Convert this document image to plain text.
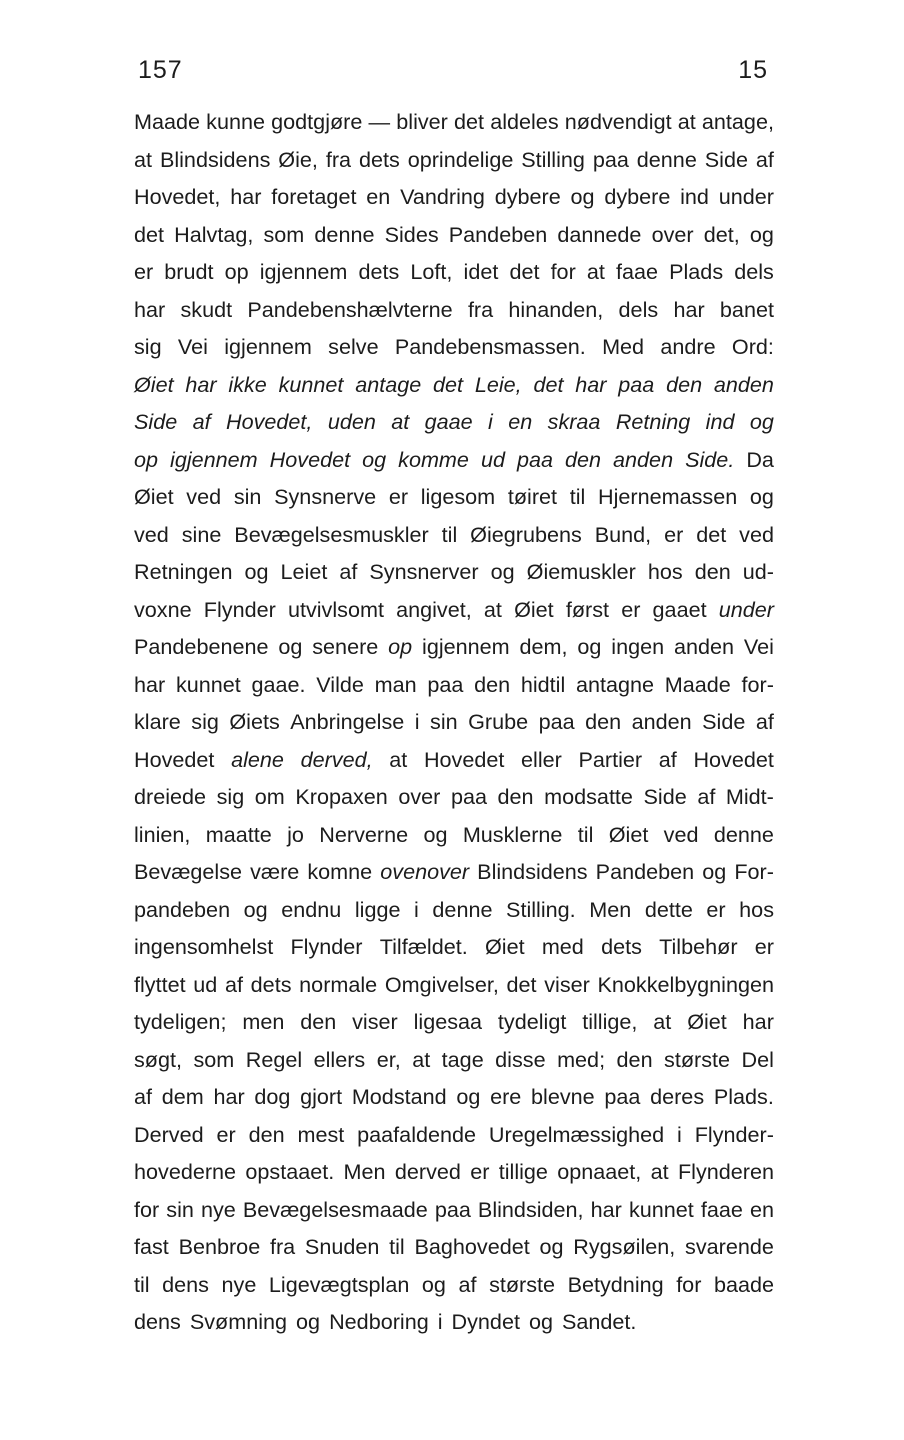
157	15
Maade kunne godtgjøre — bliver det aldeles nødvendigt at antage,
at Blindsidens Øie, fra dets oprindelige Stilling paa denne Side af
Hovedet, har foretaget en Vandring dybere og dybere ind under
det Halvtag, som denne Sides Pandeben dannede over det, og
er brudt op igjennem dets Loft, idet det for at faae Plads dels
har skudt Pandebenshælvterne fra hinanden, dels har banet
sig Vei igjennem selve Pandebensmassen. Med andre Ord:
Øiet har ikke kunnet antage det Leie, det har paa den anden
Side af Hovedet, uden at gaae i en skraa Retning ind og
op igjennem Hovedet og komme ud paa den anden Side. Da
Øiet ved sin Synsnerve er ligesom tøiret til Hjernemassen og
ved sine Bevægelsesmuskler til Øiegrubens Bund, er det ved
Retningen og Leiet af Synsnerver og Øiemuskler hos den ud-
voxne Flynder utvivlsomt angivet, at Øiet først er gaaet under
Pandebenene og senere op igjennem dem, og ingen anden Vei
har kunnet gaae. Vilde man paa den hidtil antagne Maade for-
klare sig Øiets Anbringelse i sin Grube paa den anden Side af
Hovedet alene derved, at Hovedet eller Partier af Hovedet
dreiede sig om Kropaxen over paa den modsatte Side af Midt-
linien, maatte jo Nerverne og Musklerne til Øiet ved denne
Bevægelse være komne ovenover Blindsidens Pandeben og For-
pandeben og endnu ligge i denne Stilling. Men dette er hos
ingensomhelst Flynder Tilfældet. Øiet med dets Tilbehør er
flyttet ud af dets normale Omgivelser, det viser Knokkelbygningen
tydeligen; men den viser ligesaa tydeligt tillige, at Øiet har
søgt, som Regel ellers er, at tage disse med; den største Del
af dem har dog gjort Modstand og ere blevne paa deres Plads.
Derved er den mest paafaldende Uregelmæssighed i Flynder-
hovederne opstaaet. Men derved er tillige opnaaet, at Flynderen
for sin nye Bevægelsesmaade paa Blindsiden, har kunnet faae en
fast Benbroe fra Snuden til Baghovedet og Rygsøilen, svarende
til dens nye Ligevægtsplan og af største Betydning for baade
dens Svømning og Nedboring i Dyndet og Sandet.
